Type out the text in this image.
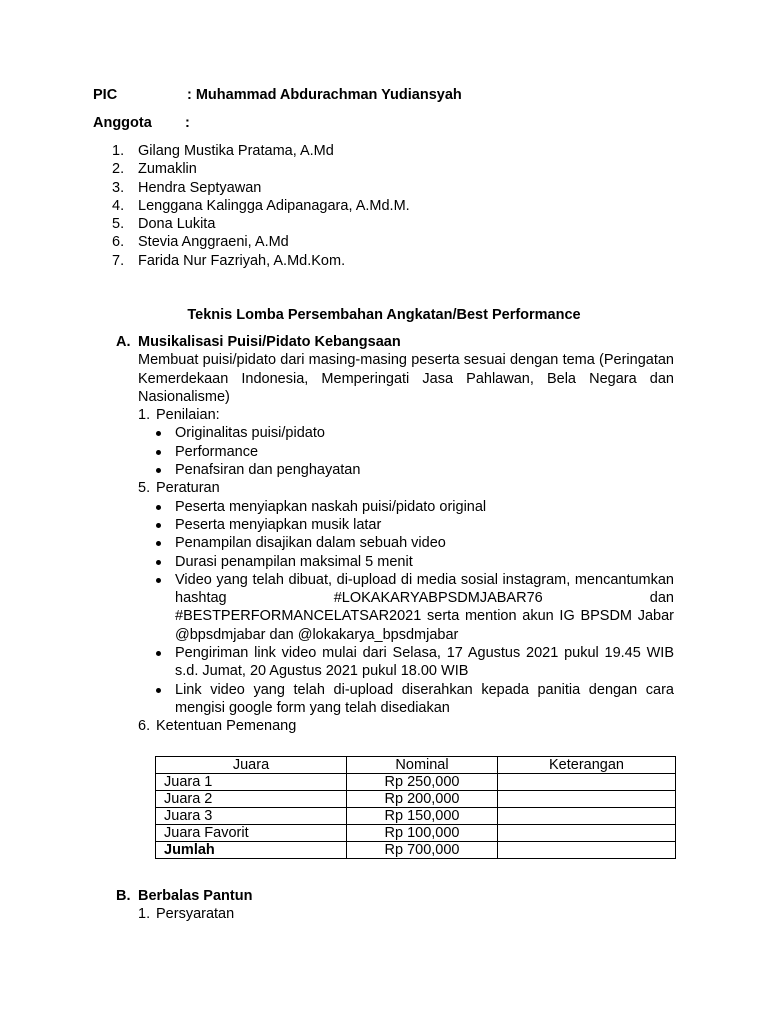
PIC	: Muhammad Abdurachman Yudiansyah
Anggota :
1. Gilang Mustika Pratama, A.Md
2. Zumaklin
3. Hendra Septyawan
4. Lenggana Kalingga Adipanagara, A.Md.M.
5. Dona Lukita
6. Stevia Anggraeni, A.Md
7. Farida Nur Fazriyah, A.Md.Kom.
Teknis Lomba Persembahan Angkatan/Best Performance
A. Musikalisasi Puisi/Pidato Kebangsaan
Membuat puisi/pidato dari masing-masing peserta sesuai dengan tema (Peringatan Kemerdekaan Indonesia, Memperingati Jasa Pahlawan, Bela Negara dan Nasionalisme)
1. Penilaian:
Originalitas puisi/pidato
Performance
Penafsiran dan penghayatan
5. Peraturan
Peserta menyiapkan naskah puisi/pidato original
Peserta menyiapkan musik latar
Penampilan disajikan dalam sebuah video
Durasi penampilan maksimal 5 menit
Video yang telah dibuat, di-upload di media sosial instagram, mencantumkan hashtag #LOKAKARYABPSDMJABAR76 dan #BESTPERFORMANCELATSAR2021 serta mention akun IG BPSDM Jabar @bpsdmjabar dan @lokakarya_bpsdmjabar
Pengiriman link video mulai dari Selasa, 17 Agustus 2021 pukul 19.45 WIB s.d. Jumat, 20 Agustus 2021 pukul 18.00 WIB
Link video yang telah di-upload diserahkan kepada panitia dengan cara mengisi google form yang telah disediakan
6. Ketentuan Pemenang
Juara	Nominal	Keterangan
Juara 1	Rp 250,000	
Juara 2	Rp 200,000	
Juara 3	Rp 150,000	
Juara Favorit	Rp 100,000	
Jumlah	Rp 700,000	
B. Berbalas Pantun
1. Persyaratan
